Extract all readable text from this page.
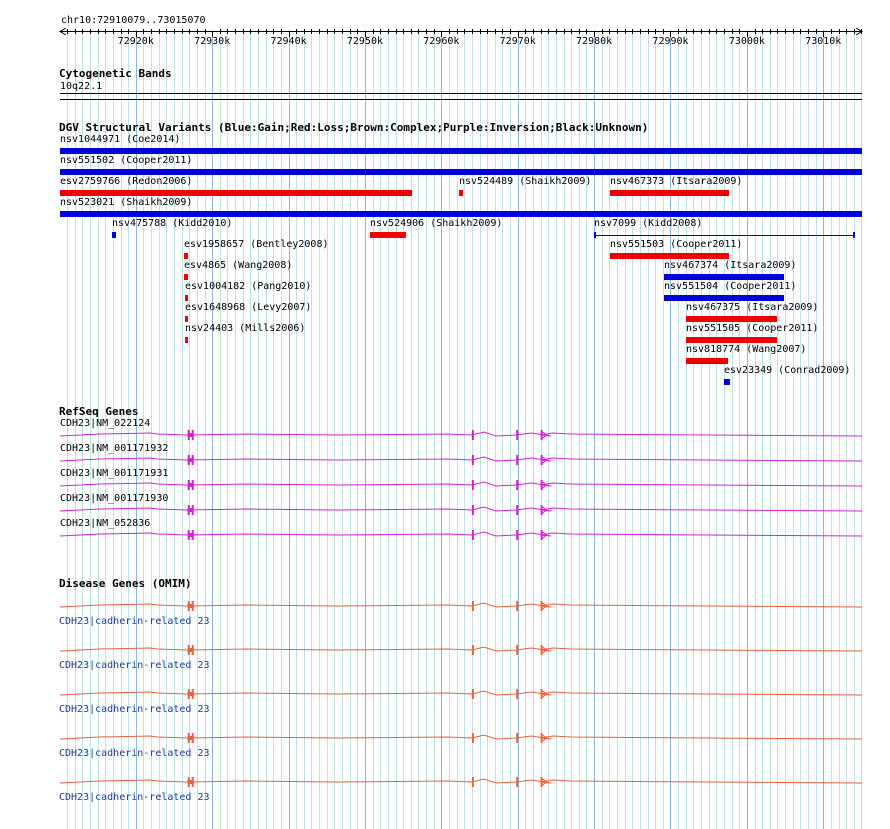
chr10:72910079..73015070
72920k	72930k	72940k	72950k	72960k	72970k	72980k	72990k	73000k	73010k
Cytogenetic Bands
10q22.1
DGV Structural Variants (Blue:Gain;Red:Loss;Brown:Complex;Purple:Inversion;Black:Unknown)
nsv1044971 (Coe2014)
nsv551502 (Cooper2011)
esv2759766 (Redon2006)	nsv524489 (Shaikh2009) nsv467373 (Itsara2009)
nsv523021 (Shaikh2009)
nsv475788 (Kidd2010)	nsv524906 (Shaikh2009)	nsv7099 (Kidd2008)
esv1958657 (Bentley2008)	nsv551503 (Cooper2011)
esv4865 (Wang2008)	nsv467374 (Itsara2009)
esv1004182 (Pang2010)	nsv551504 (Cooper2011)
esv1648968 (Levy2007)	nsv467375 (Itsara2009)
nsv24403 (Mills2006)	nsv551505 (Cooper2011)
nsv818774 (Wang2007)
esv23349 (Conrad2009)
RefSeq Genes
CDH23|NM_022124
CDH23|NM_001171932
CDH23|NM_001171931
CDH23|NM_001171930
CDH23|NM_052836
Disease Genes (OMIM)
CDH23|cadherin-related 23
CDH23|cadherin-related 23
CDH23|cadherin-related 23
CDH23|cadherin-related 23
CDH23|cadherin-related 23
